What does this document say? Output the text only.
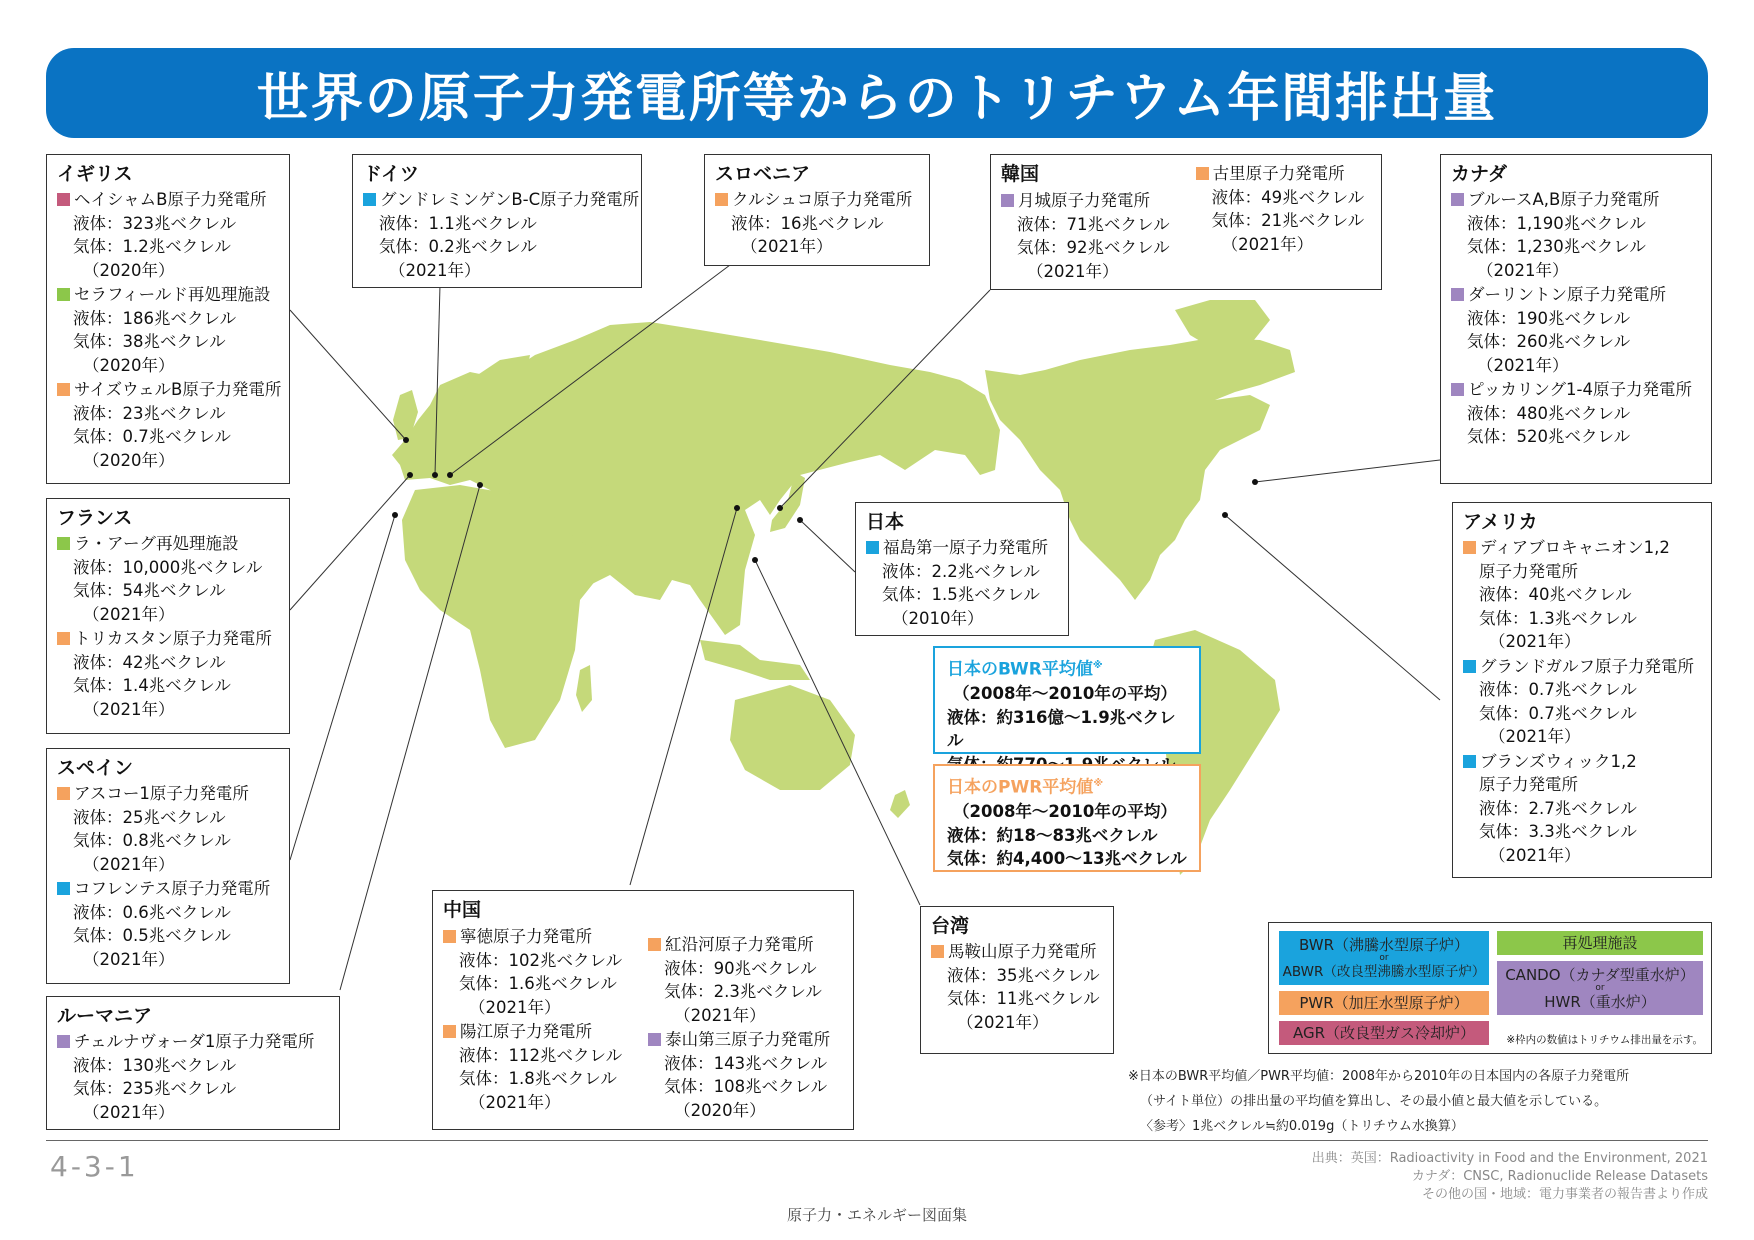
世界の原子力発電所等からのトリチウム年間排出量
イギリス
ヘイシャムB原子力発電所
液体：323兆ベクレル
気体：1.2兆ベクレル
（2020年）
セラフィールド再処理施設
液体：186兆ベクレル
気体：38兆ベクレル
（2020年）
サイズウェルB原子力発電所
液体：23兆ベクレル
気体：0.7兆ベクレル
（2020年）
フランス
ラ・アーグ再処理施設
液体：10,000兆ベクレル
気体：54兆ベクレル
（2021年）
トリカスタン原子力発電所
液体：42兆ベクレル
気体：1.4兆ベクレル
（2021年）
スペイン
アスコー1原子力発電所
液体：25兆ベクレル
気体：0.8兆ベクレル
（2021年）
コフレンテス原子力発電所
液体：0.6兆ベクレル
気体：0.5兆ベクレル
（2021年）
ルーマニア
チェルナヴォーダ1原子力発電所
液体：130兆ベクレル
気体：235兆ベクレル
（2021年）
ドイツ
グンドレミンゲンB-C原子力発電所
液体：1.1兆ベクレル
気体：0.2兆ベクレル
（2021年）
スロベニア
クルシュコ原子力発電所
液体：16兆ベクレル
（2021年）
韓国
月城原子力発電所
液体：71兆ベクレル
気体：92兆ベクレル
（2021年）
古里原子力発電所
液体：49兆ベクレル
気体：21兆ベクレル
（2021年）
カナダ
ブルースA,B原子力発電所
液体：1,190兆ベクレル
気体：1,230兆ベクレル
（2021年）
ダーリントン原子力発電所
液体：190兆ベクレル
気体：260兆ベクレル
（2021年）
ピッカリング1-4原子力発電所
液体：480兆ベクレル
気体：520兆ベクレル
日本
福島第一原子力発電所
液体：2.2兆ベクレル
気体：1.5兆ベクレル
（2010年）
日本のBWR平均値※
（2008年～2010年の平均）
液体：約316億～1.9兆ベクレル
日本のPWR平均値※
（2008年～2010年の平均）
液体：約18～83兆ベクレル
気体：約4,400～13兆ベクレル
アメリカ
ディアブロキャニオン1,2
原子力発電所
液体：40兆ベクレル
気体：1.3兆ベクレル
（2021年）
グランドガルフ原子力発電所
液体：0.7兆ベクレル
気体：0.7兆ベクレル
（2021年）
ブランズウィック1,2
原子力発電所
液体：2.7兆ベクレル
気体：3.3兆ベクレル
（2021年）
中国
寧徳原子力発電所
液体：102兆ベクレル
気体：1.6兆ベクレル
（2021年）
陽江原子力発電所
液体：112兆ベクレル
気体：1.8兆ベクレル
（2021年）
紅沿河原子力発電所
液体：90兆ベクレル
気体：2.3兆ベクレル
（2021年）
泰山第三原子力発電所
液体：143兆ベクレル
気体：108兆ベクレル
（2020年）
台湾
馬鞍山原子力発電所
液体：35兆ベクレル
気体：11兆ベクレル
（2021年）
BWR（沸騰水型原子炉）
or
ABWR（改良型沸騰水型原子炉）
PWR（加圧水型原子炉）
AGR（改良型ガス冷却炉）
再処理施設
CANDO（カナダ型重水炉）
or
HWR（重水炉）
※枠内の数値はトリチウム排出量を示す。
※日本のBWR平均値／PWR平均値：2008年から2010年の日本国内の各原子力発電所
（サイト単位）の排出量の平均値を算出し、その最小値と最大値を示している。
〈参考〉1兆ベクレル≒約0.019g（トリチウム水換算）
4-3-1	出典：英国：Radioactivity in Food and the Environment, 2021
カナダ：CNSC, Radionuclide Release Datasets
その他の国・地域：電力事業者の報告書より作成
原子力・エネルギー図面集
